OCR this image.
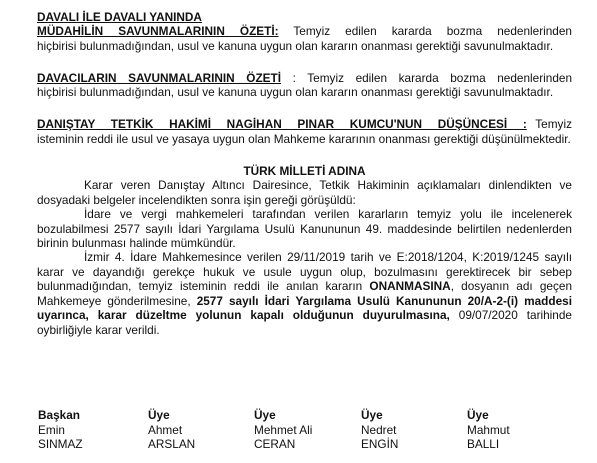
DAVALI İLE DAVALI YANINDA

MÜDAHİLİN SAVUNMALARININ ÖZETİ: Temyiz edilen kararda bozma nedenlerinden

hiçbirisi bulunmadığından, usul ve kanuna uygun olan kararın onanması gerektiği savunulmaktadır.

DAVACILARIN SAVUNMALARININ ÖZETİ : Temyiz edilen kararda bozma nedenlerinden

hiçbirisi bulunmadığından, usul ve kanuna uygun olan kararın onanması gerektiği savunulmaktadır.

DANIŞTAY TETKİK HAKİMİ NAGİHAN PINAR KUMCU'NUN DÜŞÜNCESİ : Temyiz

isteminin reddi ile usul ve yasaya uygun olan Mahkeme kararının onanması gerektiği düşünülmektedir.

TÜRK MİLLETİ ADINA

Karar veren Danıştay Altıncı Dairesince, Tetkik Hakiminin açıklamaları dinlendikten ve dosyadaki belgeler incelendikten sonra işin gereği görüşüldü:

İdare ve vergi mahkemeleri tarafından verilen kararların temyiz yolu ile incelenerek bozulabilmesi 2577 sayılı İdari Yargılama Usulü Kanununun 49. maddesinde belirtilen nedenlerden birinin bulunması halinde mümkündür.

İzmir 4. İdare Mahkemesince verilen 29/11/2019 tarih ve E:2018/1204, K:2019/1245 sayılı karar ve dayandığı gerekçe hukuk ve usule uygun olup, bozulmasını gerektirecek bir sebep bulunmadığından, temyiz isteminin reddi ile anılan kararın ONANMASINA, dosyanın adı geçen Mahkemeye gönderilmesine, 2577 sayılı İdari Yargılama Usulü Kanununun 20/A-2-(i) maddesi uyarınca, karar düzeltme yolunun kapalı olduğunun duyurulmasına, 09/07/2020 tarihinde oybirliğiyle karar verildi.

Başkan
Emin
SINMAZ
Üye
Ahmet
ARSLAN
Üye
Mehmet Ali
CERAN
Üye
Nedret
ENGİN
Üye
Mahmut
BALLI
